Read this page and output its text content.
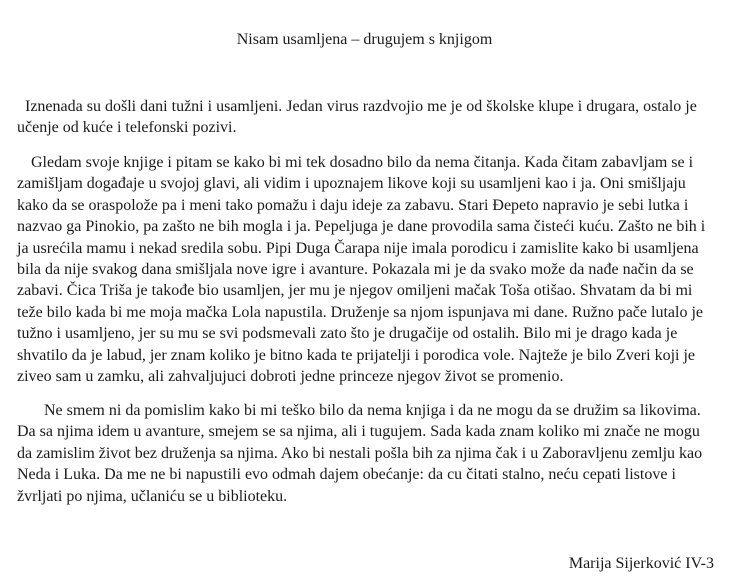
Nisam usamljena – drugujem s knjigom

Iznenada su došli dani tužni i usamljeni. Jedan virus razdvojio me je od školske klupe i drugara, ostalo je učenje od kuće i telefonski pozivi.

Gledam svoje knjige i pitam se kako bi mi tek dosadno bilo da nema čitanja. Kada čitam zabavljam se i zamišljam događaje u svojoj glavi, ali vidim i upoznajem likove koji su usamljeni kao i ja. Oni smišljaju kako da se oraspolože pa i meni tako pomažu i daju ideje za zabavu. Stari Đepeto napravio je sebi lutka i nazvao ga Pinokio, pa zašto ne bih mogla i ja. Pepeljuga je dane provodila sama čisteći kuću. Zašto ne bih i ja usrećila mamu i nekad sredila sobu. Pipi Duga Čarapa nije imala porodicu i zamislite kako bi usamljena bila da nije svakog dana smišljala nove igre i avanture. Pokazala mi je da svako može da nađe način da se zabavi. Čica Triša je takođe bio usamljen, jer mu je njegov omiljeni mačak Toša otišao. Shvatam da bi mi teže bilo kada bi me moja mačka Lola napustila. Druženje sa njom ispunjava mi dane. Ružno pače lutalo je tužno i usamljeno, jer su mu se svi podsmevali zato što je drugačije od ostalih. Bilo mi je drago kada je shvatilo da je labud, jer znam koliko je bitno kada te prijatelji i porodica vole. Najteže je bilo Zveri koji je ziveo sam u zamku, ali zahvaljujuci dobroti jedne princeze njegov život se promenio.

Ne smem ni da pomislim kako bi mi teško bilo da nema knjiga i da ne mogu da se družim sa likovima. Da sa njima idem u avanture, smejem se sa njima, ali i tugujem. Sada kada znam koliko mi znače ne mogu da zamislim život bez druženja sa njima. Ako bi nestali pošla bih za njima čak i u Zaboravljenu zemlju kao Neda i Luka. Da me ne bi napustili evo odmah dajem obećanje: da cu čitati stalno, neću cepati listove i žvrljati po njima, učlaniću se u biblioteku.

Marija Sijerković IV-3
